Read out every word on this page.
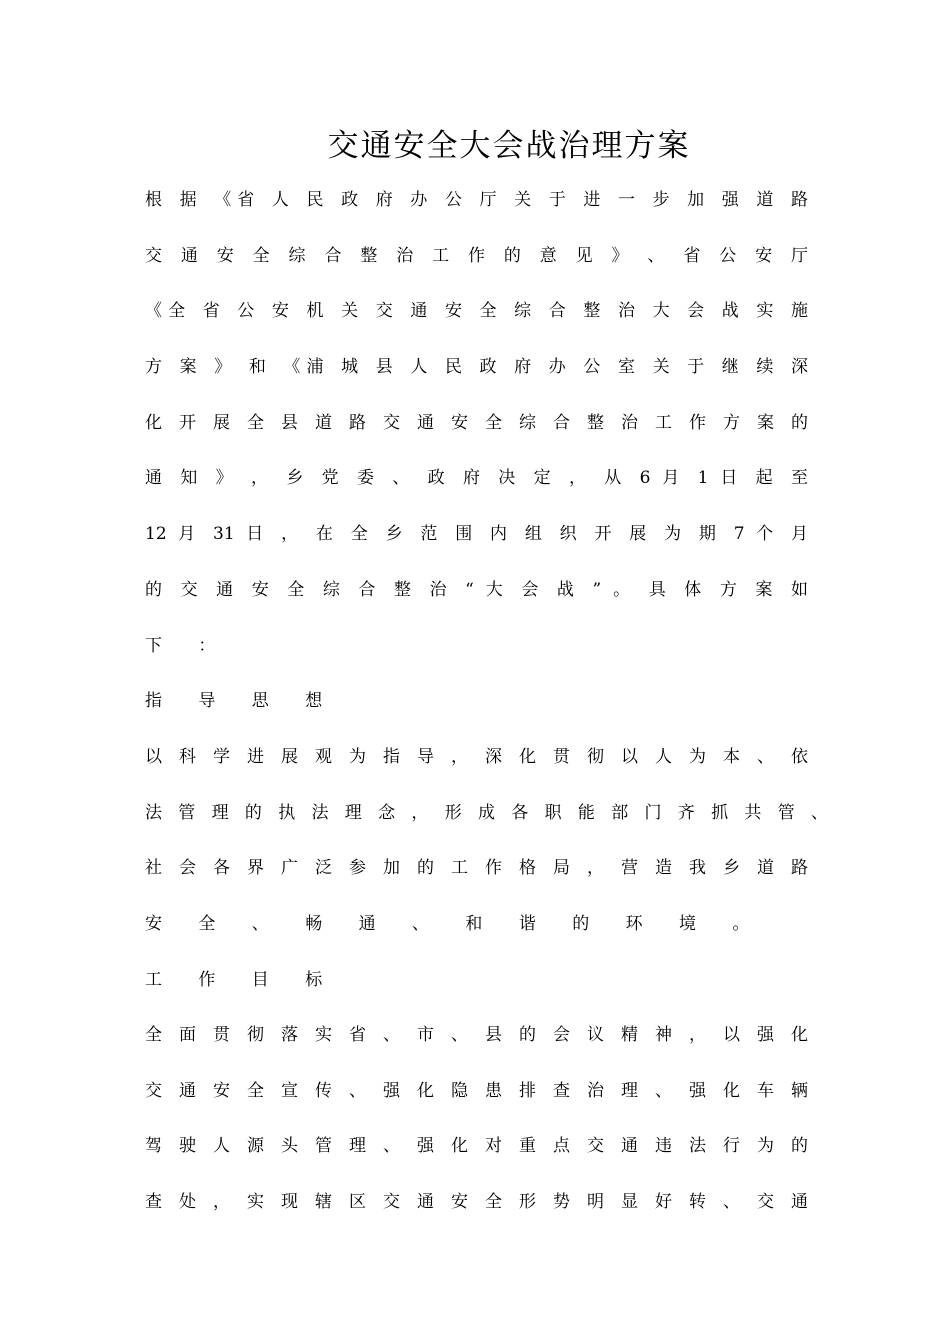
交通安全大会战治理方案

根 据 《省 人 民 政 府 办 公 厅 关 于 进 一 步 加 强 道 路

交 通 安 全 综 合 整 治 工 作 的 意 见 》 、 省 公 安 厅

《全 省 公 安 机 关 交 通 安 全 综 合 整 治 大 会 战 实 施

方 案 》 和 《浦 城 县 人 民 政 府 办 公 室 关 于 继 续 深

化 开 展 全 县 道 路 交 通 安 全 综 合 整 治 工 作 方 案 的

通 知 》 ， 乡 党 委 、 政 府 决 定 ， 从 6 月 1 日 起 至

12 月 31 日 ， 在 全 乡 范 围 内 组 织 开 展 为 期 7 个 月

的 交 通 安 全 综 合 整 治 “ 大 会 战 ” 。 具 体 方 案 如

下 ：

指 导 思 想

以 科 学 进 展 观 为 指 导 ， 深 化 贯 彻 以 人 为 本 、 依

法 管 理 的 执 法 理 念 ， 形 成 各 职 能 部 门 齐 抓 共 管 、

社 会 各 界 广 泛 参 加 的 工 作 格 局 ， 营 造 我 乡 道 路

安 全 、 畅 通 、 和 谐 的 环 境 。

工 作 目 标

全 面 贯 彻 落 实 省 、 市 、 县 的 会 议 精 神 ， 以 强 化

交 通 安 全 宣 传 、 强 化 隐 患 排 查 治 理 、 强 化 车 辆

驾 驶 人 源 头 管 理 、 强 化 对 重 点 交 通 违 法 行 为 的

查 处 ， 实 现 辖 区 交 通 安 全 形 势 明 显 好 转 、 交 通
